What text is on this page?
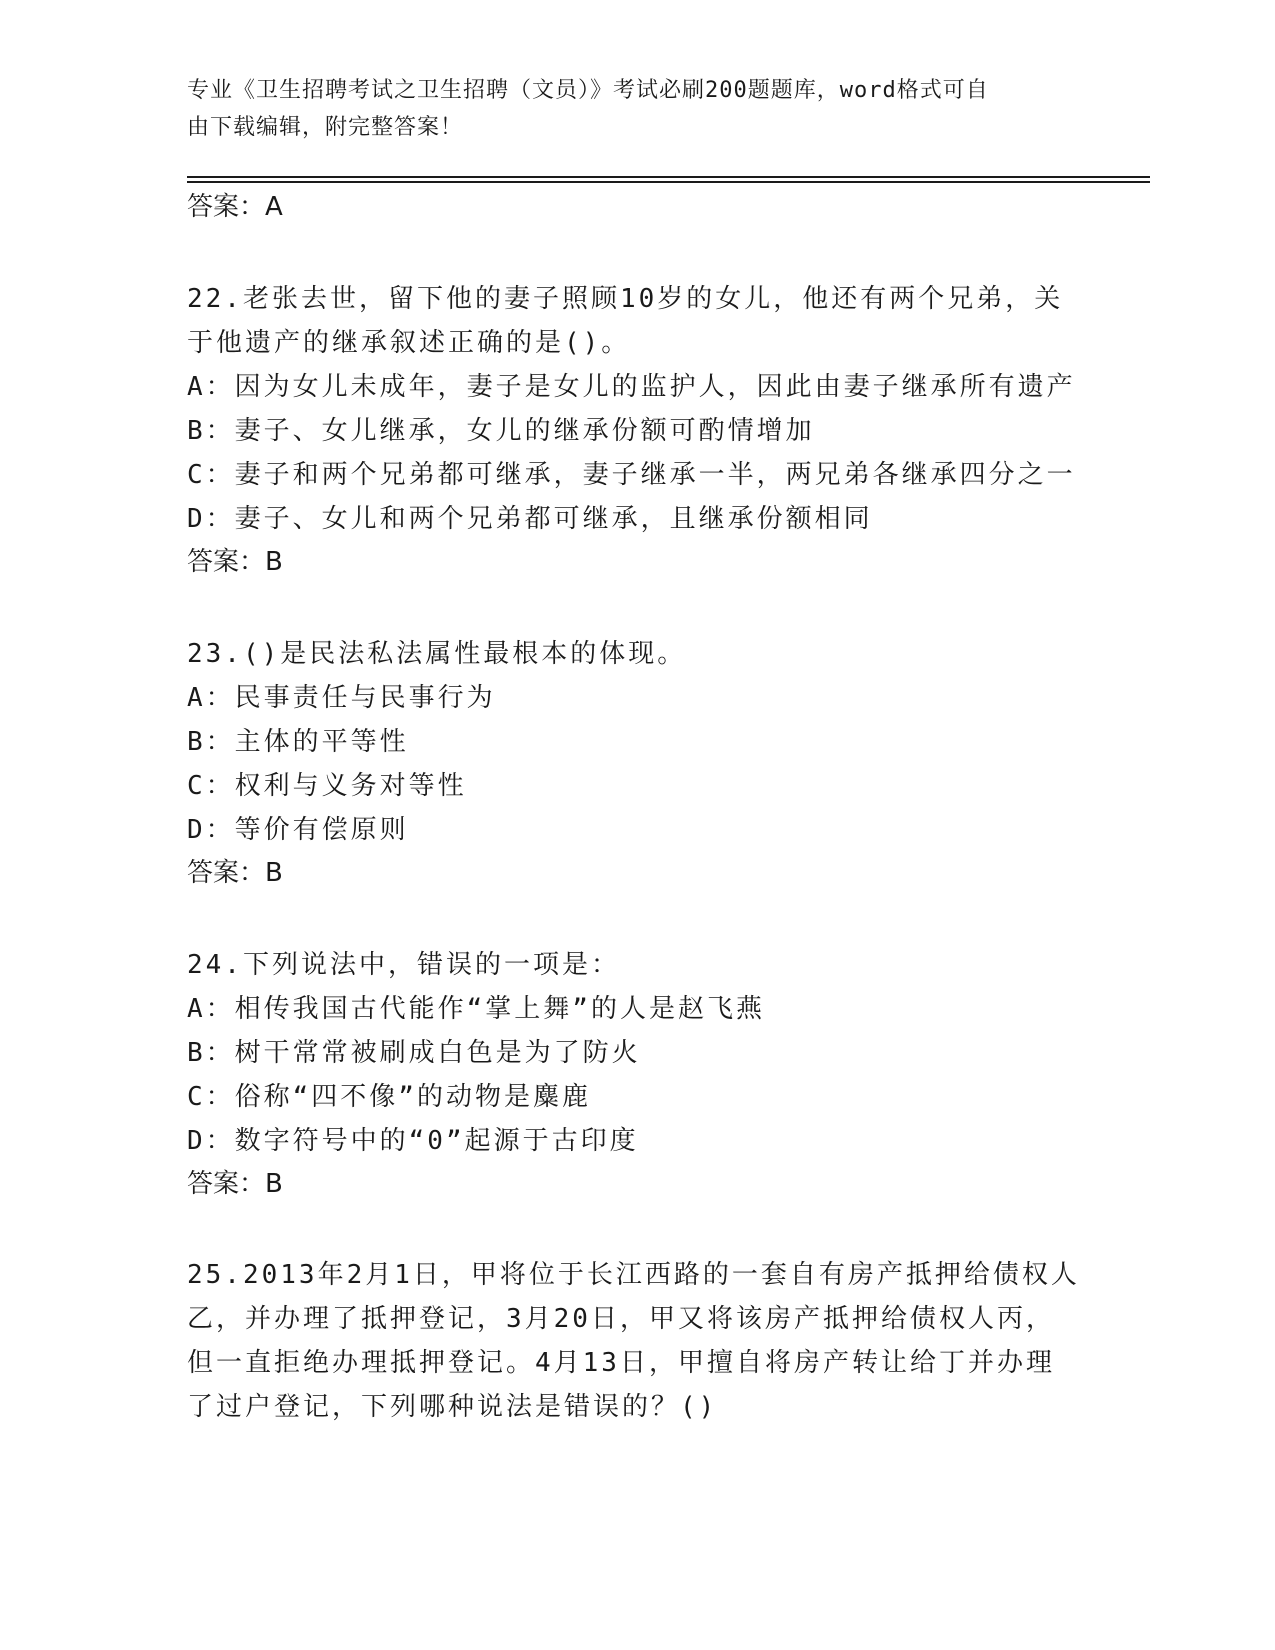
专业《卫生招聘考试之卫生招聘（文员）》考试必刷200题题库，word格式可自
由下载编辑，附完整答案！
答案：A
22.老张去世，留下他的妻子照顾10岁的女儿，他还有两个兄弟，关
于他遗产的继承叙述正确的是()。
A：因为女儿未成年，妻子是女儿的监护人，因此由妻子继承所有遗产
B：妻子、女儿继承，女儿的继承份额可酌情增加
C：妻子和两个兄弟都可继承，妻子继承一半，两兄弟各继承四分之一
D：妻子、女儿和两个兄弟都可继承，且继承份额相同
答案：B
23.()是民法私法属性最根本的体现。
A：民事责任与民事行为
B：主体的平等性
C：权利与义务对等性
D：等价有偿原则
答案：B
24.下列说法中，错误的一项是：
A：相传我国古代能作“掌上舞”的人是赵飞燕
B：树干常常被刷成白色是为了防火
C：俗称“四不像”的动物是麋鹿
D：数字符号中的“0”起源于古印度
答案：B
25.2013年2月1日，甲将位于长江西路的一套自有房产抵押给债权人
乙，并办理了抵押登记，3月20日，甲又将该房产抵押给债权人丙，
但一直拒绝办理抵押登记。4月13日，甲擅自将房产转让给丁并办理
了过户登记，下列哪种说法是错误的？()
